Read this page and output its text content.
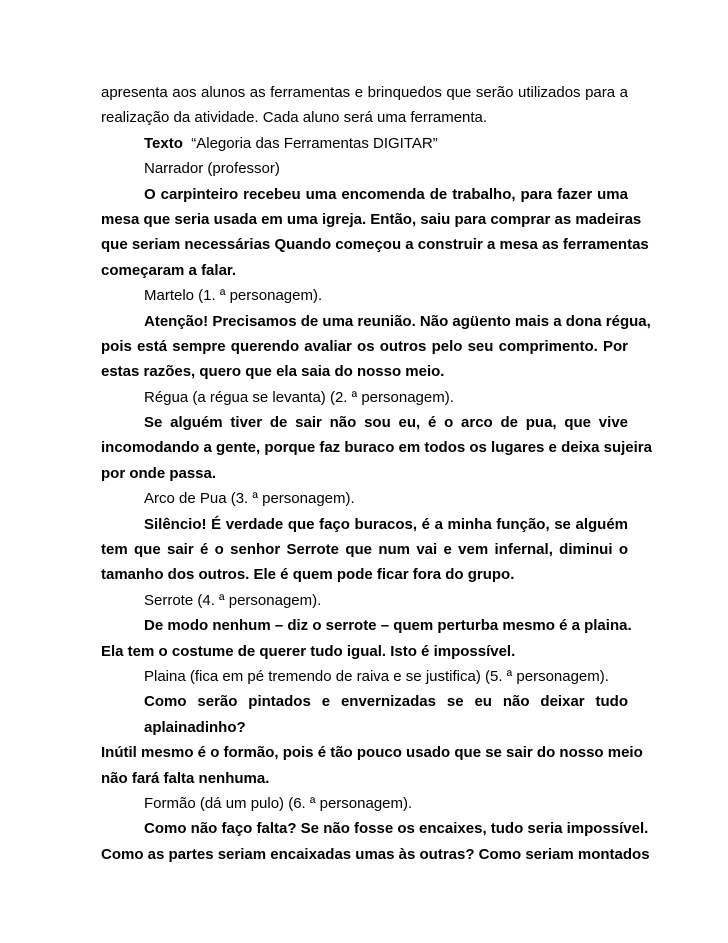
apresenta aos alunos as ferramentas e brinquedos que serão utilizados para a
realização da atividade. Cada aluno será uma ferramenta.
Texto “Alegoria das Ferramentas DIGITAR”
Narrador (professor)
O carpinteiro recebeu uma encomenda de trabalho, para fazer uma
mesa que seria usada em uma igreja. Então, saiu para comprar as madeiras
que seriam necessárias Quando começou a construir a mesa as ferramentas
começaram a falar.
Martelo (1. ª personagem).
Atenção! Precisamos de uma reunião. Não agüento mais a dona régua,
pois está sempre querendo avaliar os outros pelo seu comprimento. Por
estas razões, quero que ela saia do nosso meio.
Régua (a régua se levanta) (2. ª personagem).
Se alguém tiver de sair não sou eu, é o arco de pua, que vive
incomodando a gente, porque faz buraco em todos os lugares e deixa sujeira
por onde passa.
Arco de Pua (3. ª personagem).
Silêncio! É verdade que faço buracos, é a minha função, se alguém
tem que sair é o senhor Serrote que num vai e vem infernal, diminui o
tamanho dos outros. Ele é quem pode ficar fora do grupo.
Serrote (4. ª personagem).
De modo nenhum – diz o serrote – quem perturba mesmo é a plaina.
Ela tem o costume de querer tudo igual. Isto é impossível.
Plaina (fica em pé tremendo de raiva e se justifica) (5. ª personagem).
Como serão pintados e envernizadas se eu não deixar tudo
aplainadinho?
Inútil mesmo é o formão, pois é tão pouco usado que se sair do nosso meio
não fará falta nenhuma.
Formão (dá um pulo) (6. ª personagem).
Como não faço falta? Se não fosse os encaixes, tudo seria impossível.
Como as partes seriam encaixadas umas às outras? Como seriam montados
